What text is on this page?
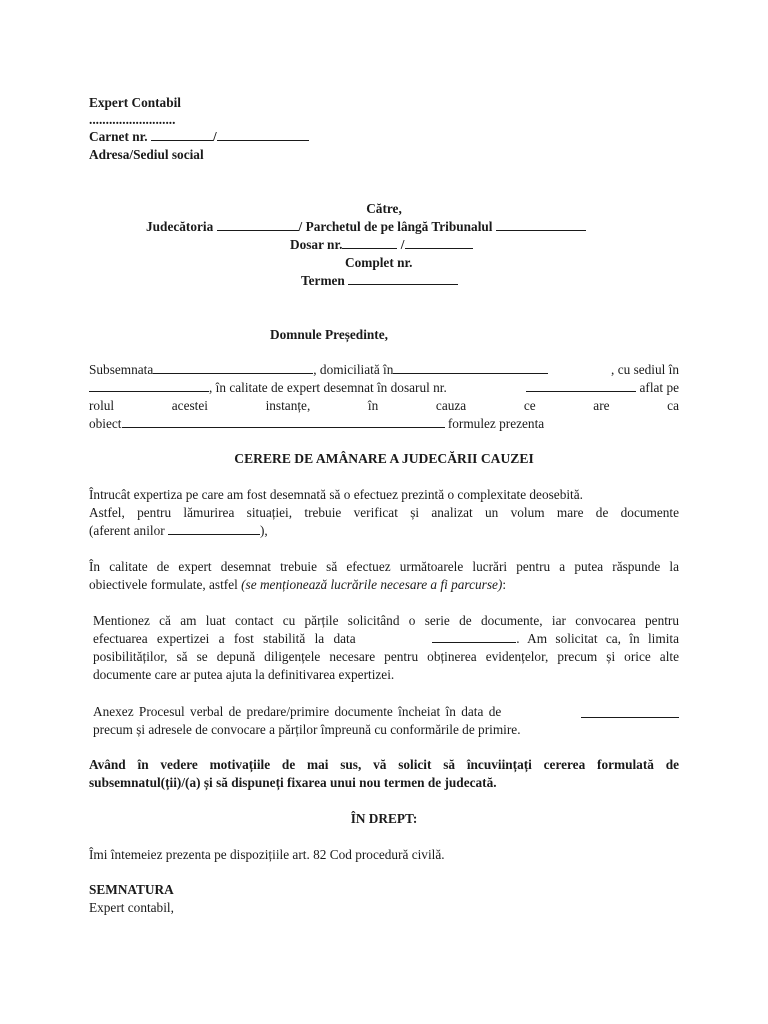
Expert Contabil
..........................
Carnet nr.	/
Adresa/Sediul social
Către,
Judecătoria	/ Parchetul de pe lângă Tribunalul
Dosar nr.	/
Complet nr.
Termen
Domnule Președinte,
Subsemnata	, domiciliată în	, cu sediul în
, în calitate de expert desemnat în dosarul nr.	aflat pe
rolul acestei instanțe, în cauza ce are ca
obiect	formulez prezenta
CERERE DE AMÂNARE A JUDECĂRII CAUZEI
Întrucât expertiza pe care am fost desemnată să o efectuez prezintă o complexitate deosebită.
Astfel, pentru lămurirea situației, trebuie verificat și analizat un volum mare de documente
(aferent anilor	),
În calitate de expert desemnat trebuie să efectuez următoarele lucrări pentru a putea răspunde la
obiectivele formulate, astfel (se menționează lucrările necesare a fi parcurse):
Mentionez că am luat contact cu părțile solicitând o serie de documente, iar convocarea pentru
efectuarea expertizei a fost stabilită la data	. Am solicitat ca, în limita
posibilităților, să se depună diligențele necesare pentru obținerea evidențelor, precum și orice alte
documente care ar putea ajuta la definitivarea expertizei.
Anexez Procesul verbal de predare/primire documente încheiat în data de
precum și adresele de convocare a părților împreună cu conformările de primire.
Având în vedere motivațiile de mai sus, vă solicit să încuviințați cererea formulată de
subsemnatul(ții)/(a) și să dispuneți fixarea unui nou termen de judecată.
ÎN DREPT:
Îmi întemeiez prezenta pe dispozițiile art. 82 Cod procedură civilă.
SEMNATURA
Expert contabil,
